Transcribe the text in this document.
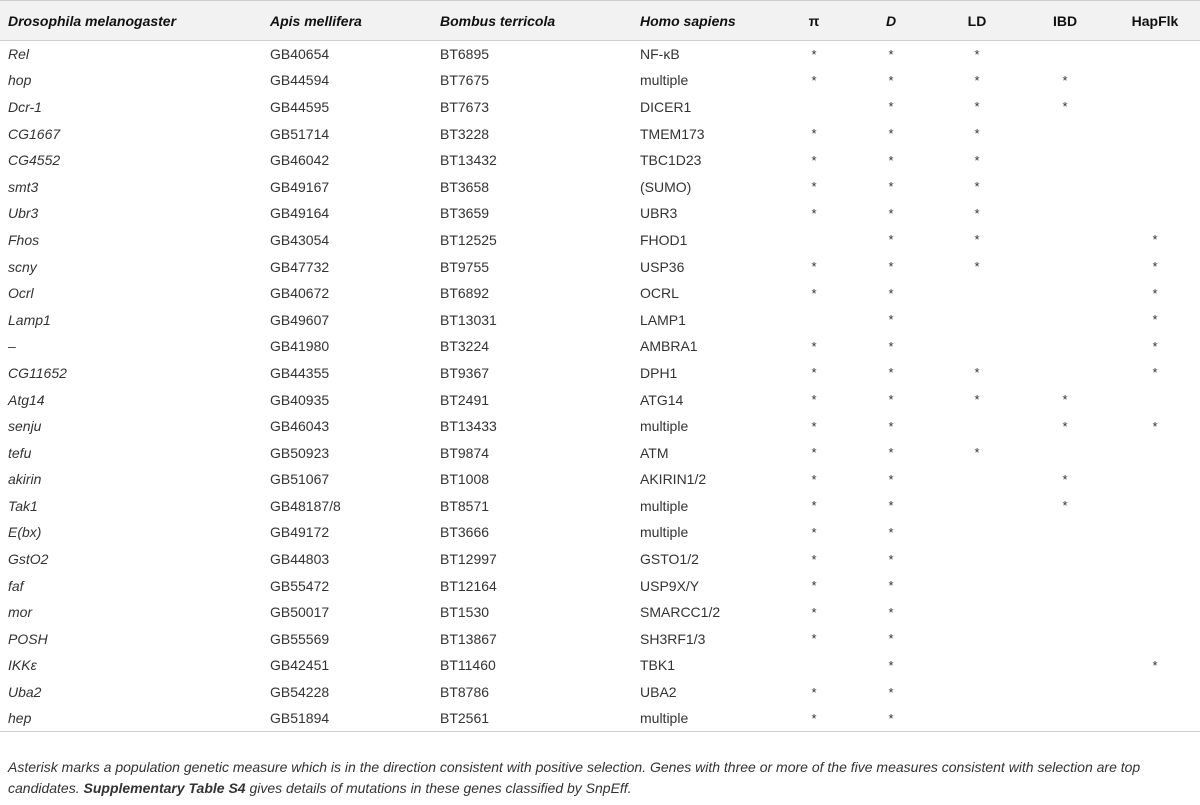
Drosophila melanogaster	Apis mellifera	Bombus terricola	Homo sapiens	π	D	LD	IBD	HapFlk
Rel	GB40654	BT6895	NF-κB	*	*	*		
hop	GB44594	BT7675	multiple	*	*	*	*	
Dcr-1	GB44595	BT7673	DICER1		*	*	*	
CG1667	GB51714	BT3228	TMEM173	*	*	*		
CG4552	GB46042	BT13432	TBC1D23	*	*	*		
smt3	GB49167	BT3658	(SUMO)	*	*	*		
Ubr3	GB49164	BT3659	UBR3	*	*	*		
Fhos	GB43054	BT12525	FHOD1		*	*		*
scny	GB47732	BT9755	USP36	*	*	*		*
Ocrl	GB40672	BT6892	OCRL	*	*			*
Lamp1	GB49607	BT13031	LAMP1		*			*
–	GB41980	BT3224	AMBRA1	*	*			*
CG11652	GB44355	BT9367	DPH1	*	*	*		*
Atg14	GB40935	BT2491	ATG14	*	*	*	*	
senju	GB46043	BT13433	multiple	*	*		*	*
tefu	GB50923	BT9874	ATM	*	*	*		
akirin	GB51067	BT1008	AKIRIN1/2	*	*		*	
Tak1	GB48187/8	BT8571	multiple	*	*		*	
E(bx)	GB49172	BT3666	multiple	*	*			
GstO2	GB44803	BT12997	GSTO1/2	*	*			
faf	GB55472	BT12164	USP9X/Y	*	*			
mor	GB50017	BT1530	SMARCC1/2	*	*			
POSH	GB55569	BT13867	SH3RF1/3	*	*			
IKKε	GB42451	BT11460	TBK1		*			*
Uba2	GB54228	BT8786	UBA2	*	*			
hep	GB51894	BT2561	multiple	*	*			
Asterisk marks a population genetic measure which is in the direction consistent with positive selection. Genes with three or more of the five measures consistent with selection are top candidates. Supplementary Table S4 gives details of mutations in these genes classified by SnpEff.
